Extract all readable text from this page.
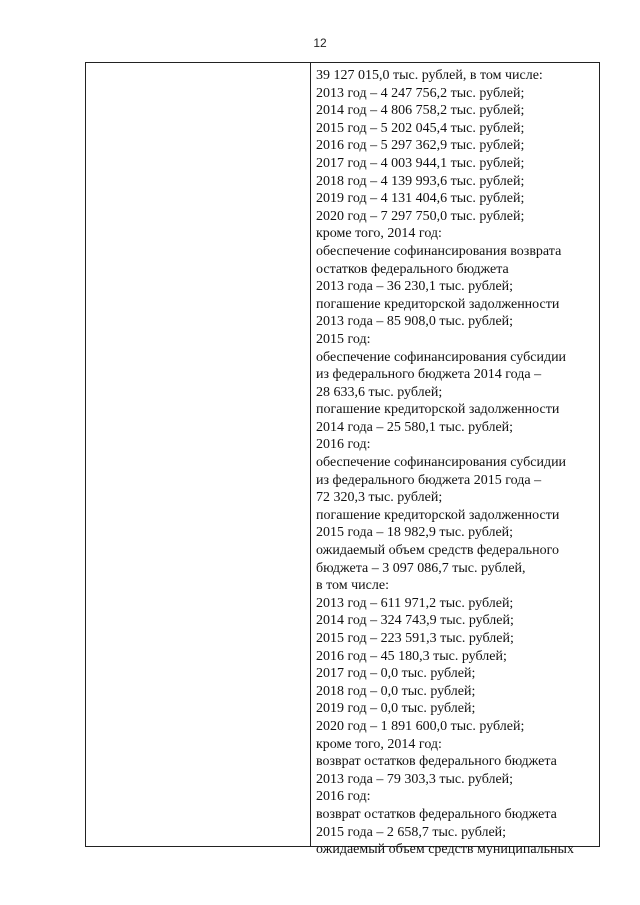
12
39 127 015,0 тыс. рублей, в том числе:
2013 год – 4 247 756,2 тыс. рублей;
2014 год – 4 806 758,2 тыс. рублей;
2015 год – 5 202 045,4 тыс. рублей;
2016 год – 5 297 362,9 тыс. рублей;
2017 год – 4 003 944,1 тыс. рублей;
2018 год – 4 139 993,6 тыс. рублей;
2019 год – 4 131 404,6 тыс. рублей;
2020 год – 7 297 750,0 тыс. рублей;
кроме того, 2014 год:
обеспечение софинансирования возврата
остатков федерального бюджета
2013 года – 36 230,1 тыс. рублей;
погашение кредиторской задолженности
2013 года – 85 908,0 тыс. рублей;
2015 год:
обеспечение софинансирования субсидии
из федерального бюджета 2014 года –
28 633,6 тыс. рублей;
погашение кредиторской задолженности
2014 года – 25 580,1 тыс. рублей;
2016 год:
обеспечение софинансирования субсидии
из федерального бюджета 2015 года –
72 320,3 тыс. рублей;
погашение кредиторской задолженности
2015 года – 18 982,9 тыс. рублей;
ожидаемый объем средств федерального
бюджета – 3 097 086,7 тыс. рублей,
в том числе:
2013 год – 611 971,2 тыс. рублей;
2014 год – 324 743,9 тыс. рублей;
2015 год – 223 591,3 тыс. рублей;
2016 год – 45 180,3 тыс. рублей;
2017 год – 0,0 тыс. рублей;
2018 год – 0,0 тыс. рублей;
2019 год – 0,0 тыс. рублей;
2020 год – 1 891 600,0 тыс. рублей;
кроме того, 2014 год:
возврат остатков федерального бюджета
2013 года – 79 303,3 тыс. рублей;
2016 год:
возврат остатков федерального бюджета
2015 года – 2 658,7 тыс. рублей;
ожидаемый объем средств муниципальных
